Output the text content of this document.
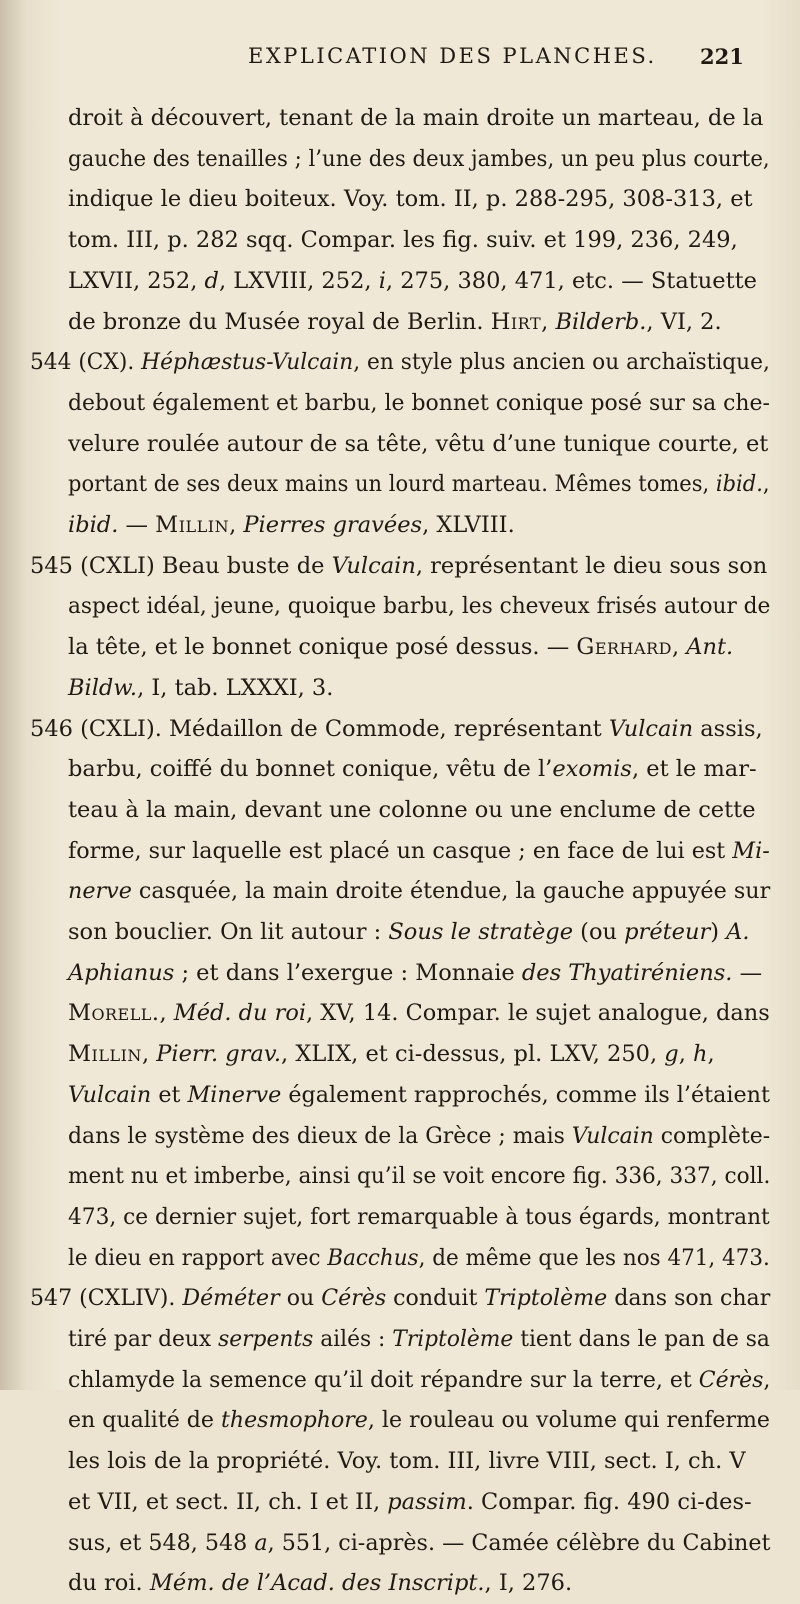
EXPLICATION DES PLANCHES. 221
droit à découvert, tenant de la main droite un marteau, de la
gauche des tenailles ; l’une des deux jambes, un peu plus courte,
indique le dieu boiteux. Voy. tom. II, p. 288-295, 308-313, et
tom. III, p. 282 sqq. Compar. les fig. suiv. et 199, 236, 249,
LXVII, 252, d, LXVIII, 252, i, 275, 380, 471, etc. — Statuette
de bronze du Musée royal de Berlin. Hirt, Bilderb., VI, 2.
544 (CX). Héphæstus-Vulcain, en style plus ancien ou archaïstique,
debout également et barbu, le bonnet conique posé sur sa che-
velure roulée autour de sa tête, vêtu d’une tunique courte, et
portant de ses deux mains un lourd marteau. Mêmes tomes, ibid.,
ibid. — Millin, Pierres gravées, XLVIII.
545 (CXLI) Beau buste de Vulcain, représentant le dieu sous son
aspect idéal, jeune, quoique barbu, les cheveux frisés autour de
la tête, et le bonnet conique posé dessus. — Gerhard, Ant.
Bildw., I, tab. LXXXI, 3.
546 (CXLI). Médaillon de Commode, représentant Vulcain assis,
barbu, coiffé du bonnet conique, vêtu de l’exomis, et le mar-
teau à la main, devant une colonne ou une enclume de cette
forme, sur laquelle est placé un casque ; en face de lui est Mi-
nerve casquée, la main droite étendue, la gauche appuyée sur
son bouclier. On lit autour : Sous le stratège (ou préteur) A.
Aphianus ; et dans l’exergue : Monnaie des Thyatiréniens. —
Morell., Méd. du roi, XV, 14. Compar. le sujet analogue, dans
Millin, Pierr. grav., XLIX, et ci-dessus, pl. LXV, 250, g, h,
Vulcain et Minerve également rapprochés, comme ils l’étaient
dans le système des dieux de la Grèce ; mais Vulcain complète-
ment nu et imberbe, ainsi qu’il se voit encore fig. 336, 337, coll.
473, ce dernier sujet, fort remarquable à tous égards, montrant
le dieu en rapport avec Bacchus, de même que les nos 471, 473.
547 (CXLIV). Déméter ou Cérès conduit Triptolème dans son char
tiré par deux serpents ailés : Triptolème tient dans le pan de sa
chlamyde la semence qu’il doit répandre sur la terre, et Cérès,
en qualité de thesmophore, le rouleau ou volume qui renferme
les lois de la propriété. Voy. tom. III, livre VIII, sect. I, ch. V
et VII, et sect. II, ch. I et II, passim. Compar. fig. 490 ci-des-
sus, et 548, 548 a, 551, ci-après. — Camée célèbre du Cabinet
du roi. Mém. de l’Acad. des Inscript., I, 276.
